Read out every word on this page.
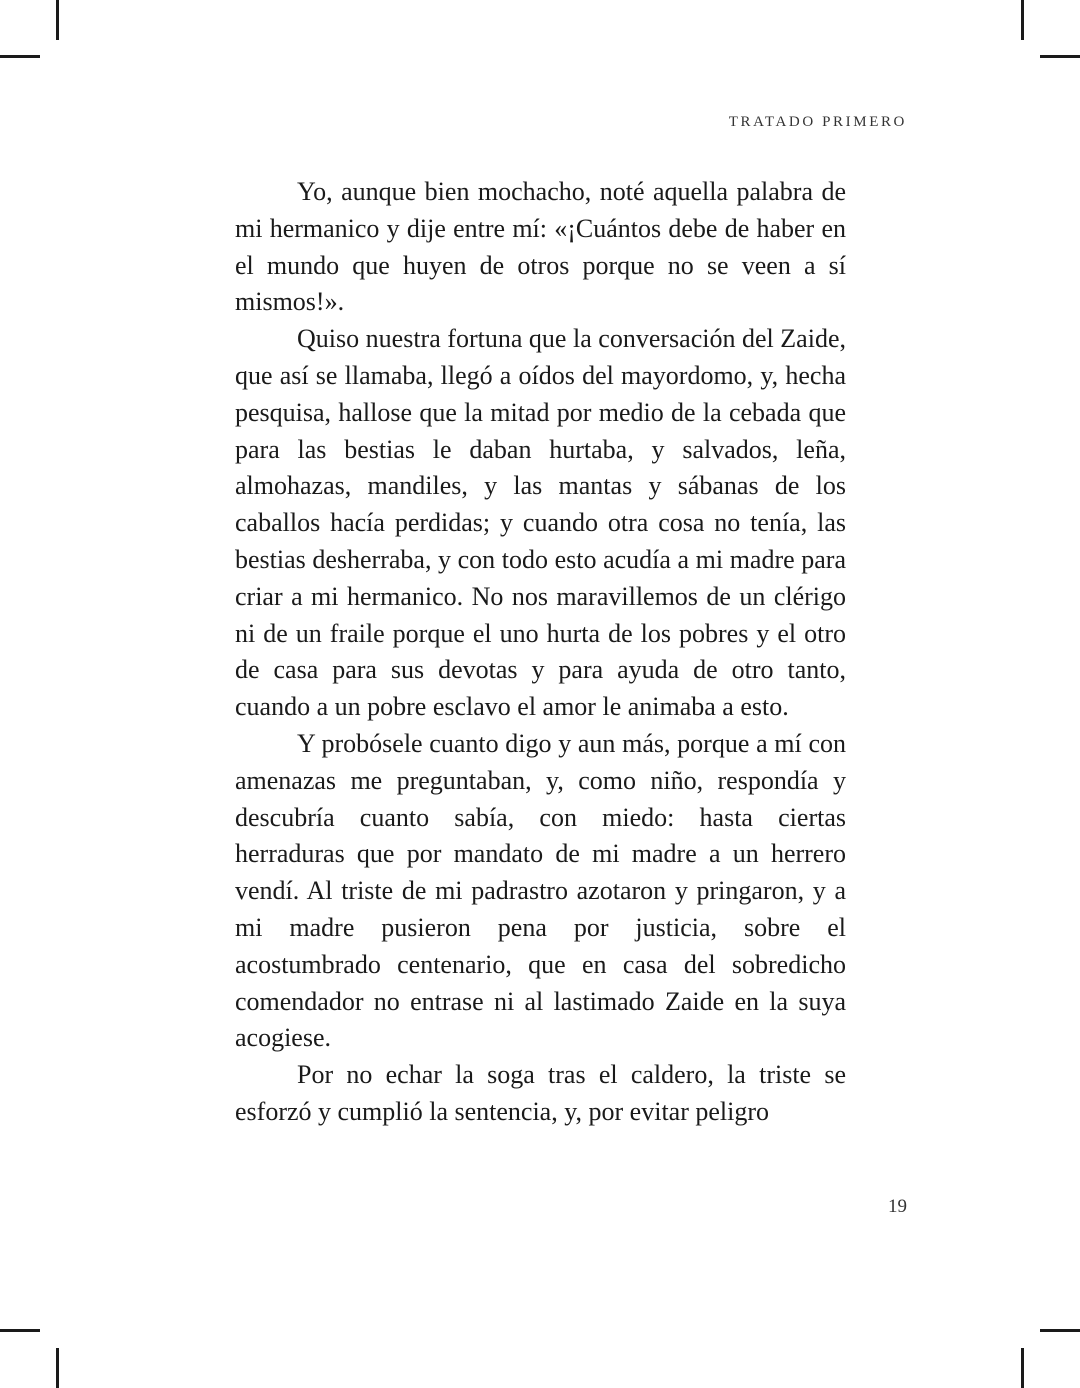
TRATADO PRIMERO

Yo, aunque bien mochacho, noté aquella palabra de mi hermanico y dije entre mí: «¡Cuántos debe de haber en el mundo que huyen de otros porque no se veen a sí mismos!».

Quiso nuestra fortuna que la conversación del Zaide, que así se llamaba, llegó a oídos del mayordomo, y, hecha pesquisa, hallose que la mitad por medio de la cebada que para las bestias le daban hurtaba, y salvados, leña, almohazas, mandiles, y las mantas y sábanas de los caballos hacía perdidas; y cuando otra cosa no tenía, las bestias desherraba, y con todo esto acudía a mi madre para criar a mi hermanico. No nos maravillemos de un clérigo ni de un fraile porque el uno hurta de los pobres y el otro de casa para sus devotas y para ayuda de otro tanto, cuando a un pobre esclavo el amor le animaba a esto.

Y probósele cuanto digo y aun más, porque a mí con amenazas me preguntaban, y, como niño, respondía y descubría cuanto sabía, con miedo: hasta ciertas herraduras que por mandato de mi madre a un herrero vendí. Al triste de mi padrastro azotaron y pringaron, y a mi madre pusieron pena por justicia, sobre el acostumbrado centenario, que en casa del sobredicho comendador no entrase ni al lastimado Zaide en la suya acogiese.

Por no echar la soga tras el caldero, la triste se esforzó y cumplió la sentencia, y, por evitar peligro

19
